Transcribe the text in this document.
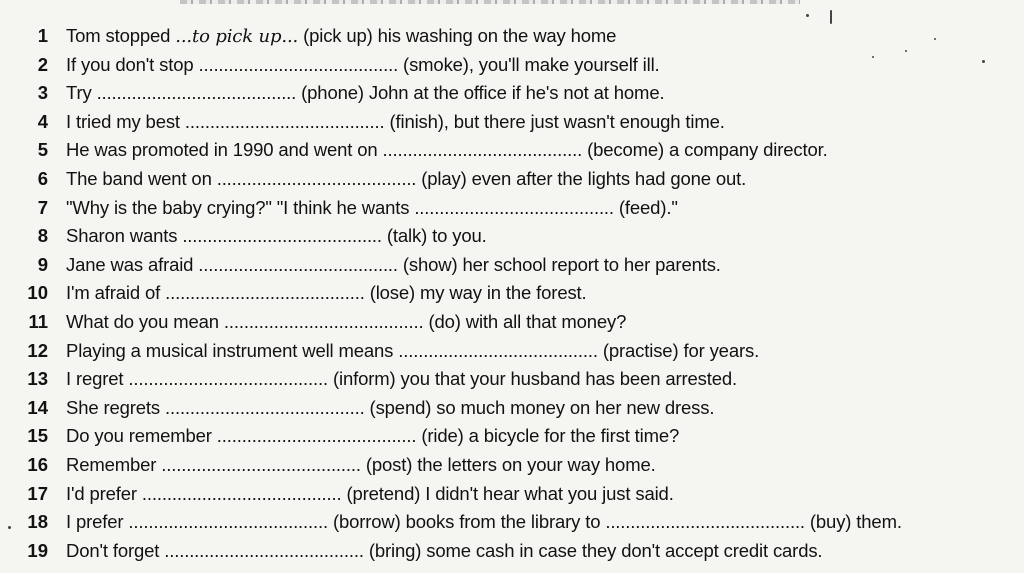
1 Tom stopped ...to pick up... (pick up) his washing on the way home
2 If you don't stop ........................................ (smoke), you'll make yourself ill.
3 Try ........................................ (phone) John at the office if he's not at home.
4 I tried my best ........................................ (finish), but there just wasn't enough time.
5 He was promoted in 1990 and went on ........................................ (become) a company director.
6 The band went on ........................................ (play) even after the lights had gone out.
7 "Why is the baby crying?" "I think he wants ........................................ (feed)."
8 Sharon wants ........................................ (talk) to you.
9 Jane was afraid ........................................ (show) her school report to her parents.
10 I'm afraid of ........................................ (lose) my way in the forest.
11 What do you mean ........................................ (do) with all that money?
12 Playing a musical instrument well means ........................................ (practise) for years.
13 I regret ........................................ (inform) you that your husband has been arrested.
14 She regrets ........................................ (spend) so much money on her new dress.
15 Do you remember ........................................ (ride) a bicycle for the first time?
16 Remember ........................................ (post) the letters on your way home.
17 I'd prefer ........................................ (pretend) I didn't hear what you just said.
18 I prefer ........................................ (borrow) books from the library to ........................................ (buy) them.
19 Don't forget ........................................ (bring) some cash in case they don't accept credit cards.
